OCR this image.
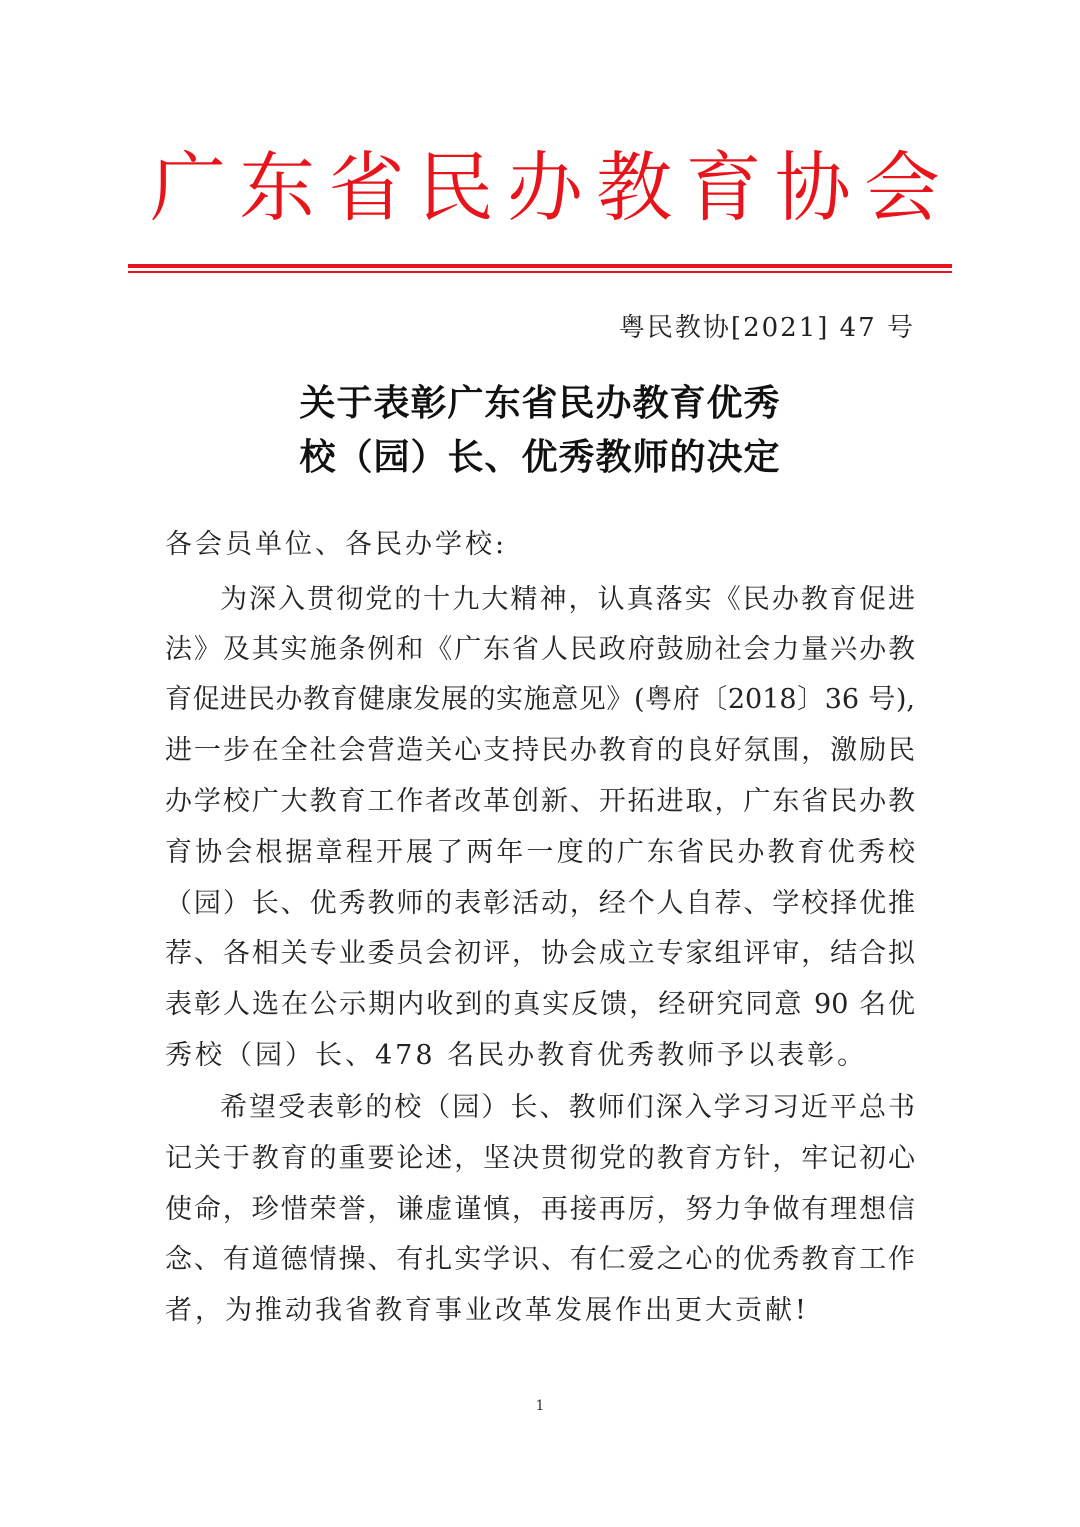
广 东 省 民 办 教 育 协 会
粤民教协[2021] 47 号
关于表彰广东省民办教育优秀
校（园）长、优秀教师的决定
各会员单位、各民办学校:
为深入贯彻党的十九大精神，认真落实《民办教育促进
法》及其实施条例和《广东省人民政府鼓励社会力量兴办教
育促进民办教育健康发展的实施意见》(粤府〔2018〕36 号),
进一步在全社会营造关心支持民办教育的良好氛围，激励民
办学校广大教育工作者改革创新、开拓进取，广东省民办教
育协会根据章程开展了两年一度的广东省民办教育优秀校
（园）长、优秀教师的表彰活动，经个人自荐、学校择优推
荐、各相关专业委员会初评，协会成立专家组评审，结合拟
表彰人选在公示期内收到的真实反馈，经研究同意 90 名优
秀校（园）长、478 名民办教育优秀教师予以表彰。
希望受表彰的校（园）长、教师们深入学习习近平总书
记关于教育的重要论述，坚决贯彻党的教育方针，牢记初心
使命，珍惜荣誉，谦虚谨慎，再接再厉，努力争做有理想信
念、有道德情操、有扎实学识、有仁爱之心的优秀教育工作
者，为推动我省教育事业改革发展作出更大贡献!
1
